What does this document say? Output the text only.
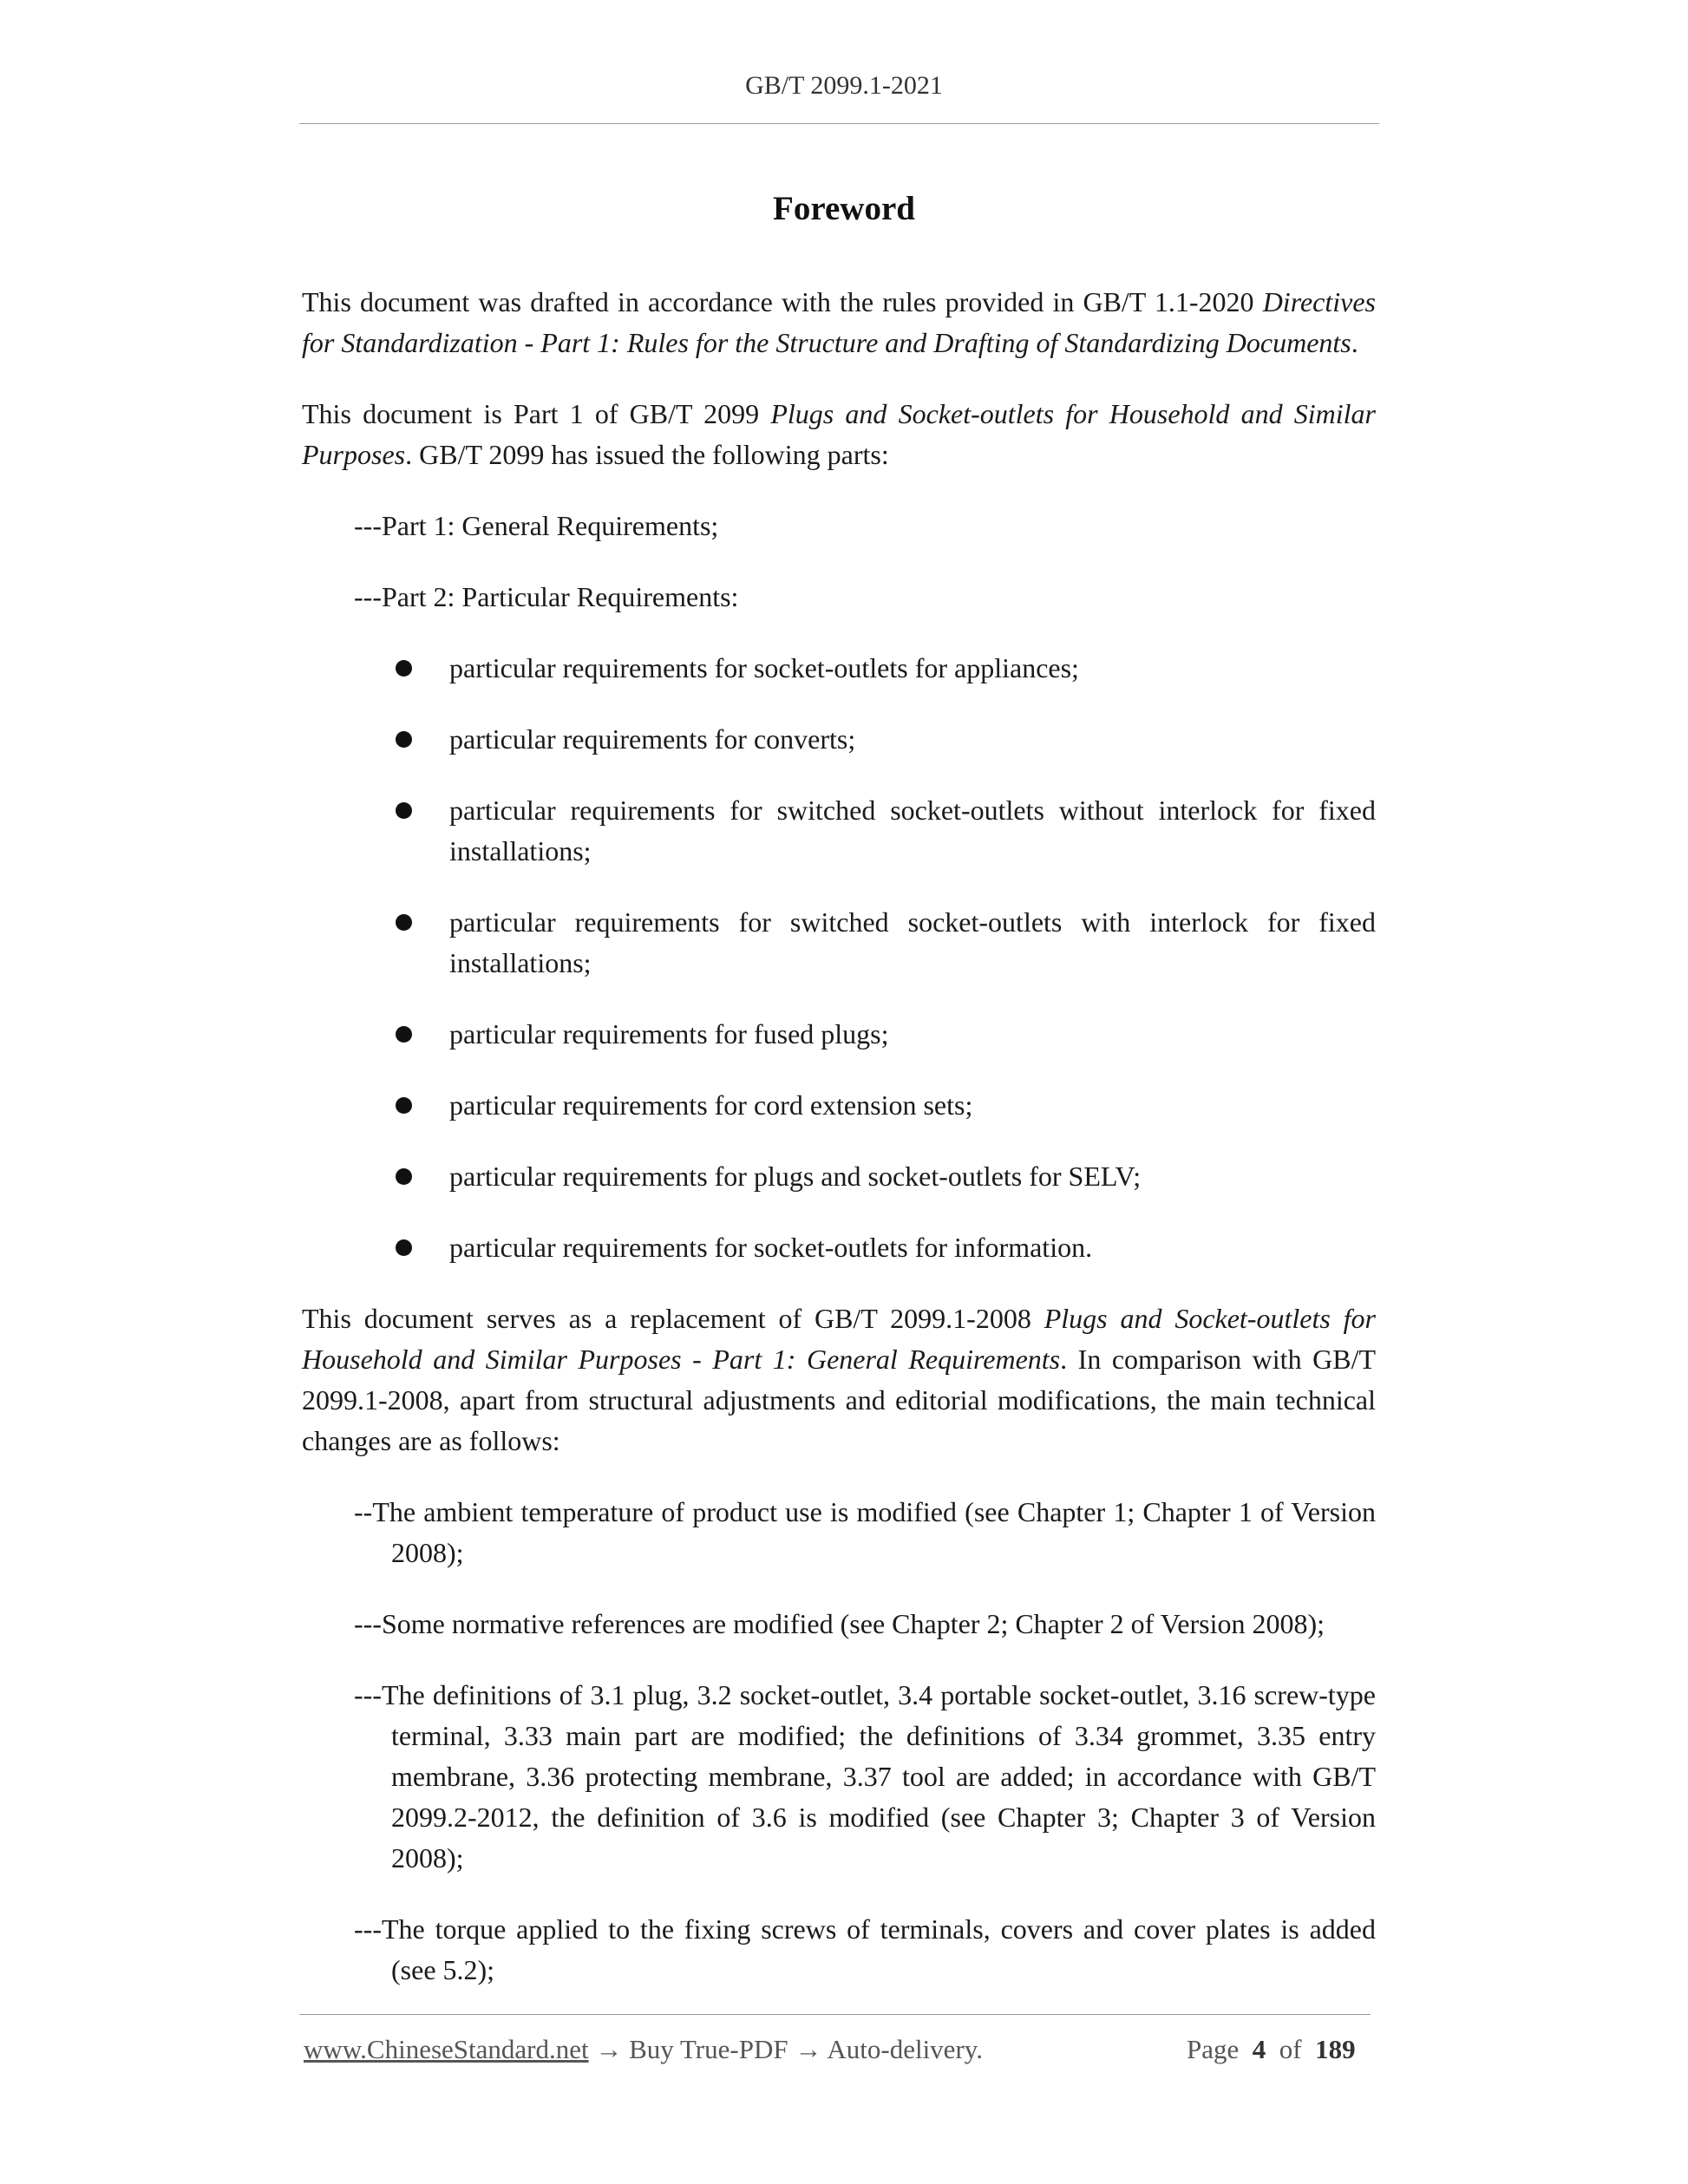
GB/T 2099.1-2021
Foreword

This document was drafted in accordance with the rules provided in GB/T 1.1-2020 Directives for Standardization - Part 1: Rules for the Structure and Drafting of Standardizing Documents.

This document is Part 1 of GB/T 2099 Plugs and Socket-outlets for Household and Similar Purposes. GB/T 2099 has issued the following parts:

---Part 1: General Requirements;

---Part 2: Particular Requirements:

particular requirements for socket-outlets for appliances;
particular requirements for converts;
particular requirements for switched socket-outlets without interlock for fixed installations;
particular requirements for switched socket-outlets with interlock for fixed installations;
particular requirements for fused plugs;
particular requirements for cord extension sets;
particular requirements for plugs and socket-outlets for SELV;
particular requirements for socket-outlets for information.

This document serves as a replacement of GB/T 2099.1-2008 Plugs and Socket-outlets for Household and Similar Purposes - Part 1: General Requirements. In comparison with GB/T 2099.1-2008, apart from structural adjustments and editorial modifications, the main technical changes are as follows:

--The ambient temperature of product use is modified (see Chapter 1; Chapter 1 of Version 2008);

---Some normative references are modified (see Chapter 2; Chapter 2 of Version 2008);

---The definitions of 3.1 plug, 3.2 socket-outlet, 3.4 portable socket-outlet, 3.16 screw-type terminal, 3.33 main part are modified; the definitions of 3.34 grommet, 3.35 entry membrane, 3.36 protecting membrane, 3.37 tool are added; in accordance with GB/T 2099.2-2012, the definition of 3.6 is modified (see Chapter 3; Chapter 3 of Version 2008);

---The torque applied to the fixing screws of terminals, covers and cover plates is added (see 5.2);

www.ChineseStandard.net → Buy True-PDF → Auto-delivery.	Page 4 of 189
